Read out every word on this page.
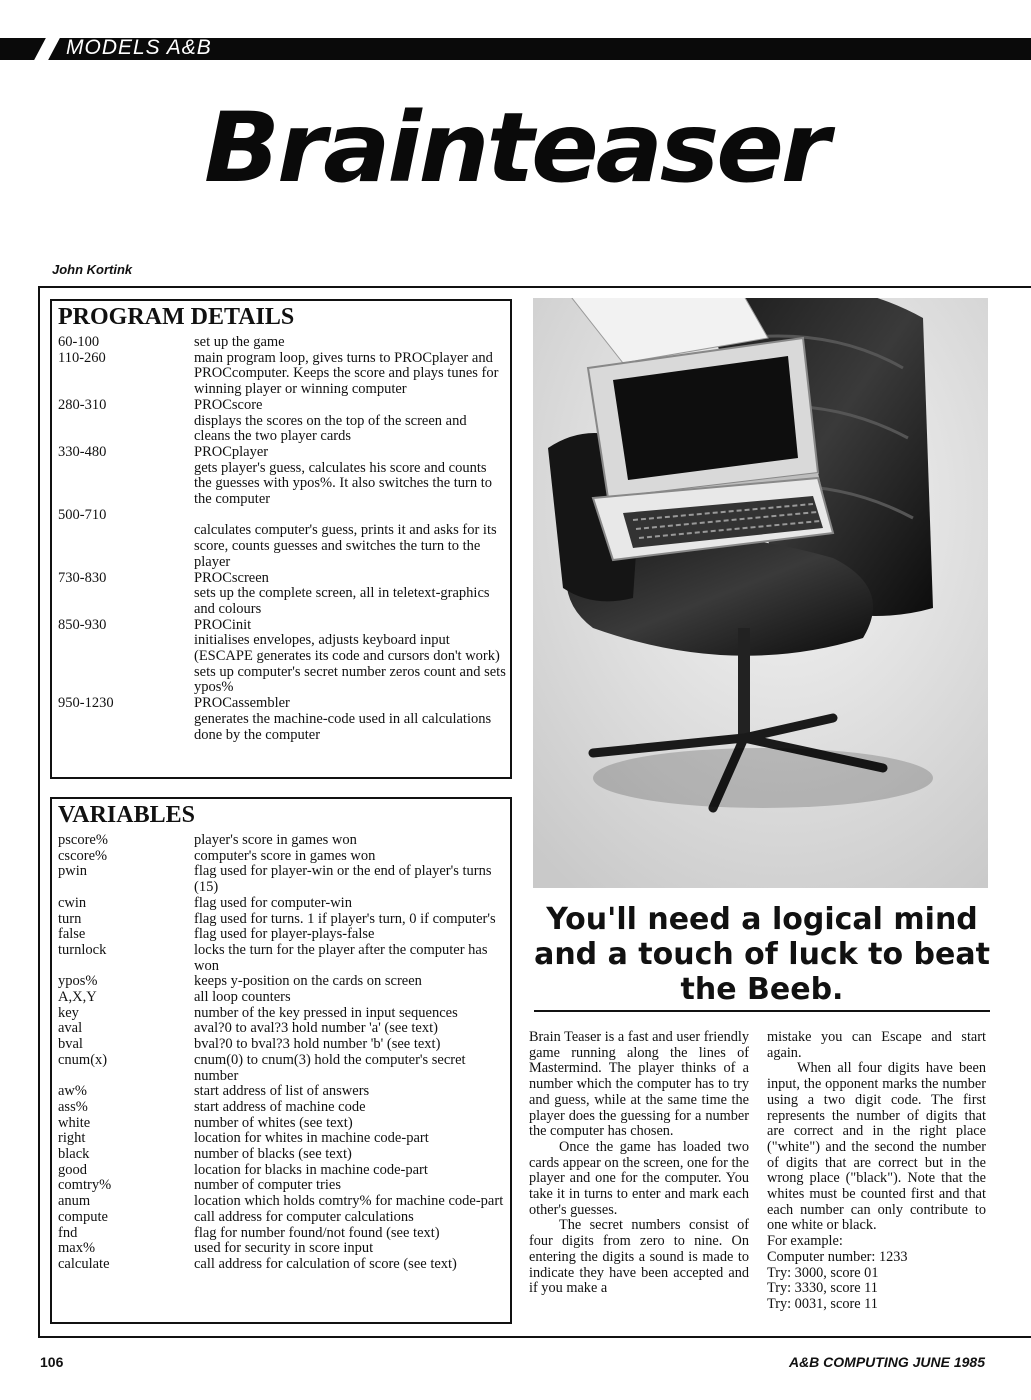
MODELS A&B
Brainteaser
John Kortink
PROGRAM DETAILS
60-100	set up the game
110-260	main program loop, gives turns to PROCplayer and PROCcomputer. Keeps the score and plays tunes for winning player or winning computer
280-310	PROCscore
displays the scores on the top of the screen and cleans the two player cards
330-480	PROCplayer
gets player's guess, calculates his score and counts the guesses with ypos%. It also switches the turn to the computer
500-710
calculates computer's guess, prints it and asks for its score, counts guesses and switches the turn to the player
730-830	PROCscreen
sets up the complete screen, all in teletext-graphics and colours
850-930	PROCinit
initialises envelopes, adjusts keyboard input (ESCAPE generates its code and cursors don't work) sets up computer's secret number zeros count and sets ypos%
950-1230	PROCassembler
generates the machine-code used in all calculations done by the computer
VARIABLES
pscore%	player's score in games won
cscore%	computer's score in games won
pwin	flag used for player-win or the end of player's turns (15)
cwin	flag used for computer-win
turn	flag used for turns. 1 if player's turn, 0 if computer's
false	flag used for player-plays-false
turnlock	locks the turn for the player after the computer has won
ypos%	keeps y-position on the cards on screen
A,X,Y	all loop counters
key	number of the key pressed in input sequences
aval	aval?0 to aval?3 hold number 'a' (see text)
bval	bval?0 to bval?3 hold number 'b' (see text)
cnum(x)	cnum(0) to cnum(3) hold the computer's secret number
aw%	start address of list of answers
ass%	start address of machine code
white	number of whites (see text)
right	location for whites in machine code-part
black	number of blacks (see text)
good	location for blacks in machine code-part
comtry%	number of computer tries
anum	location which holds comtry% for machine code-part
compute	call address for computer calculations
fnd	flag for number found/not found (see text)
max%	used for security in score input
calculate	call address for calculation of score (see text)
You'll need a logical mind and a touch of luck to beat the Beeb.

Brain Teaser is a fast and user friendly game running along the lines of Mastermind. The player thinks of a number which the computer has to try and guess, while at the same time the player does the guessing for a number the computer has chosen.

Once the game has loaded two cards appear on the screen, one for the player and one for the computer. You take it in turns to enter and mark each other's guesses.

The secret numbers consist of four digits from zero to nine. On entering the digits a sound is made to indicate they have been accepted and if you make a

mistake you can Escape and start again.

When all four digits have been input, the opponent marks the number using a two digit code. The first represents the number of digits that are correct and in the right place ("white") and the second the number of digits that are correct but in the wrong place ("black"). Note that the whites must be counted first and that each number can only contribute to one white or black.

For example:

Computer number: 1233
Try: 3000, score 01
Try: 3330, score 11
Try: 0031, score 11
106	A&B COMPUTING JUNE 1985
